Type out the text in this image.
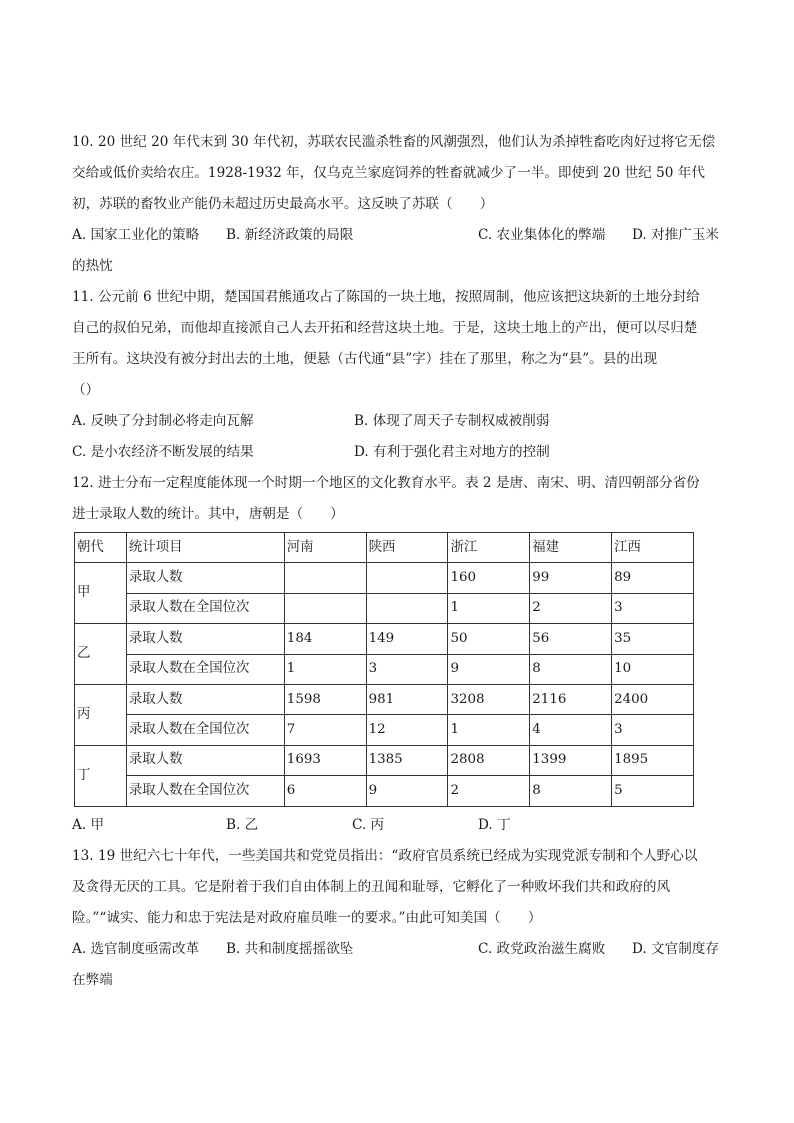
10. 20 世纪 20 年代末到 30 年代初，苏联农民滥杀牲畜的风潮强烈，他们认为杀掉牲畜吃肉好过将它无偿
交给或低价卖给农庄。1928-1932 年，仅乌克兰家庭饲养的牲畜就减少了一半。即使到 20 世纪 50 年代
初，苏联的畜牧业产能仍未超过历史最高水平。这反映了苏联（　　）
A. 国家工业化的策略 B. 新经济政策的局限	C. 农业集体化的弊端 D. 对推广玉米
的热忱
11. 公元前 6 世纪中期，楚国国君熊通攻占了陈国的一块土地，按照周制，他应该把这块新的土地分封给
自己的叔伯兄弟，而他却直接派自己人去开拓和经营这块土地。于是，这块土地上的产出，便可以尽归楚
王所有。这块没有被分封出去的土地，便悬（古代通“县”字）挂在了那里，称之为“县”。县的出现
（）
A. 反映了分封制必将走向瓦解	B. 体现了周天子专制权威被削弱
C. 是小农经济不断发展的结果	D. 有利于强化君主对地方的控制
12. 进士分布一定程度能体现一个时期一个地区的文化教育水平。表 2 是唐、南宋、明、清四朝部分省份
进士录取人数的统计。其中，唐朝是（　　）
朝代	统计项目	河南	陕西	浙江	福建	江西
甲	录取人数			160	99	89
	录取人数在全国位次			1	2	3
乙	录取人数	184	149	50	56	35
	录取人数在全国位次	1	3	9	8	10
丙	录取人数	1598	981	3208	2116	2400
	录取人数在全国位次	7	12	1	4	3
丁	录取人数	1693	1385	2808	1399	1895
	录取人数在全国位次	6	9	2	8	5
A. 甲	B. 乙	C. 丙	D. 丁
13. 19 世纪六七十年代，一些美国共和党党员指出：“政府官员系统已经成为实现党派专制和个人野心以
及贪得无厌的工具。它是附着于我们自由体制上的丑闻和耻辱，它孵化了一种败坏我们共和政府的风
险。”“诚实、能力和忠于宪法是对政府雇员唯一的要求。”由此可知美国（　　）
A. 选官制度亟需改革 B. 共和制度摇摇欲坠	C. 政党政治滋生腐败 D. 文官制度存
在弊端
